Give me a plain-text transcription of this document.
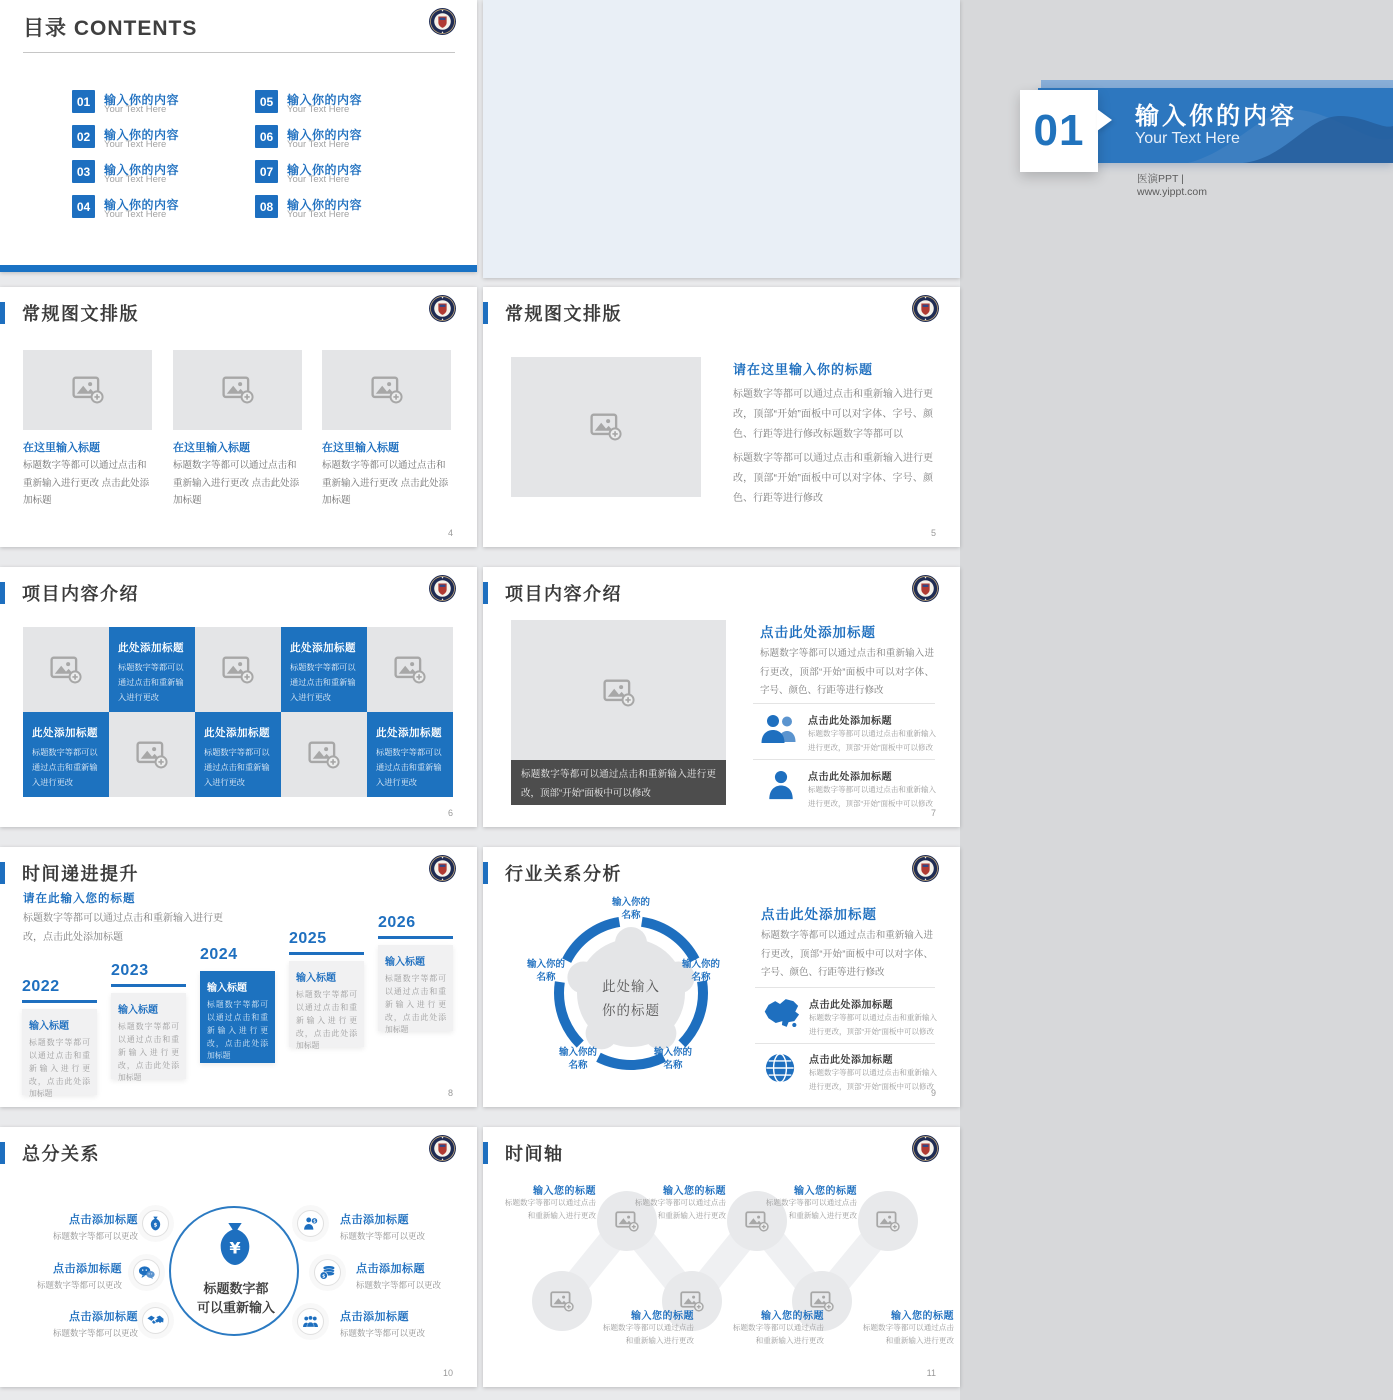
目录 CONTENTS
01	输入你的内容
Your Text Here
02	输入你的内容
Your Text Here
03	输入你的内容
Your Text Here
04	输入你的内容
Your Text Here
05	输入你的内容
Your Text Here
06	输入你的内容
Your Text Here
07	输入你的内容
Your Text Here
08	输入你的内容
Your Text Here
输入你的内容
Your Text Here
01
医演PPT | www.yippt.com
常规图文排版
在这里输入标题
标题数字等都可以通过点击和重新输入进行更改 点击此处添加标题
在这里输入标题
标题数字等都可以通过点击和重新输入进行更改 点击此处添加标题
在这里输入标题
标题数字等都可以通过点击和重新输入进行更改 点击此处添加标题
4
常规图文排版
请在这里输入你的标题
标题数字等都可以通过点击和重新输入进行更改，顶部“开始”面板中可以对字体、字号、颜色、行距等进行修改标题数字等都可以
标题数字等都可以通过点击和重新输入进行更改，顶部“开始”面板中可以对字体、字号、颜色、行距等进行修改
5
项目内容介绍
此处添加标题
标题数字等都可以通过点击和重新输入进行更改
此处添加标题
标题数字等都可以通过点击和重新输入进行更改
此处添加标题
标题数字等都可以通过点击和重新输入进行更改
此处添加标题
标题数字等都可以通过点击和重新输入进行更改
此处添加标题
标题数字等都可以通过点击和重新输入进行更改
6
项目内容介绍
标题数字等都可以通过点击和重新输入进行更改，顶部“开始”面板中可以修改
点击此处添加标题
标题数字等都可以通过点击和重新输入进行更改，顶部“开始”面板中可以对字体、字号、颜色、行距等进行修改
点击此处添加标题
标题数字等都可以通过点击和重新输入进行更改，顶部“开始”面板中可以修改
点击此处添加标题
标题数字等都可以通过点击和重新输入进行更改，顶部“开始”面板中可以修改
7
时间递进提升
请在此输入您的标题
标题数字等都可以通过点击和重新输入进行更改，点击此处添加标题
2022
输入标题
标题数字等都可以通过点击和重新输入进行更改，点击此处添加标题
2023
输入标题
标题数字等都可以通过点击和重新输入进行更改，点击此处添加标题
2024
输入标题
标题数字等都可以通过点击和重新输入进行更改，点击此处添加标题
2025
输入标题
标题数字等都可以通过点击和重新输入进行更改，点击此处添加标题
2026
输入标题
标题数字等都可以通过点击和重新输入进行更改，点击此处添加标题
8
行业关系分析
此处输入
你的标题
输入你的
名称
输入你的
名称
输入你的
名称
输入你的
名称
输入你的
名称
点击此处添加标题
标题数字等都可以通过点击和重新输入进行更改，顶部“开始”面板中可以对字体、字号、颜色、行距等进行修改
点击此处添加标题
标题数字等都可以通过点击和重新输入进行更改，顶部“开始”面板中可以修改
点击此处添加标题
标题数字等都可以通过点击和重新输入进行更改，顶部“开始”面板中可以修改
9
总分关系
标题数字都
可以重新输入
点击添加标题
标题数字等都可以更改
点击添加标题
标题数字等都可以更改
点击添加标题
标题数字等都可以更改
点击添加标题
标题数字等都可以更改
点击添加标题
标题数字等都可以更改
点击添加标题
标题数字等都可以更改
10
时间轴
输入您的标题
标题数字等都可以通过点击
和重新输入进行更改
输入您的标题
标题数字等都可以通过点击
和重新输入进行更改
输入您的标题
标题数字等都可以通过点击
和重新输入进行更改
输入您的标题
标题数字等都可以通过点击
和重新输入进行更改
输入您的标题
标题数字等都可以通过点击
和重新输入进行更改
输入您的标题
标题数字等都可以通过点击
和重新输入进行更改
11
